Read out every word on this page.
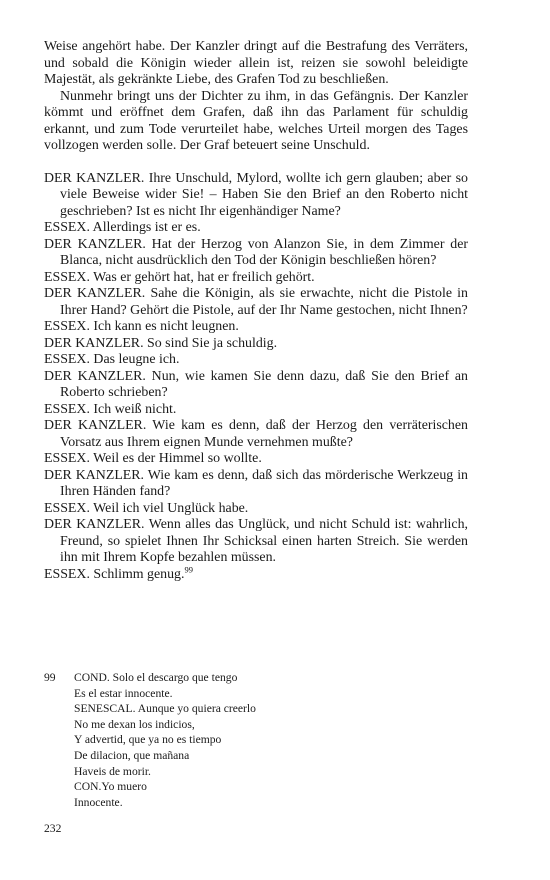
Weise angehört habe. Der Kanzler dringt auf die Bestrafung des Verräters, und sobald die Königin wieder allein ist, reizen sie sowohl beleidigte Majestät, als gekränkte Liebe, des Grafen Tod zu beschließen.

Nunmehr bringt uns der Dichter zu ihm, in das Gefängnis. Der Kanzler kömmt und eröffnet dem Grafen, daß ihn das Parlament für schuldig erkannt, und zum Tode verurteilet habe, welches Urteil morgen des Tages vollzogen werden solle. Der Graf beteuert seine Unschuld.

DER KANZLER. Ihre Unschuld, Mylord, wollte ich gern glauben; aber so viele Beweise wider Sie! – Haben Sie den Brief an den Roberto nicht geschrieben? Ist es nicht Ihr eigenhändiger Name?

ESSEX. Allerdings ist er es.

DER KANZLER. Hat der Herzog von Alanzon Sie, in dem Zimmer der Blanca, nicht ausdrücklich den Tod der Königin beschließen hören?

ESSEX. Was er gehört hat, hat er freilich gehört.

DER KANZLER. Sahe die Königin, als sie erwachte, nicht die Pistole in Ihrer Hand? Gehört die Pistole, auf der Ihr Name gestochen, nicht Ihnen?

ESSEX. Ich kann es nicht leugnen.

DER KANZLER. So sind Sie ja schuldig.

ESSEX. Das leugne ich.

DER KANZLER. Nun, wie kamen Sie denn dazu, daß Sie den Brief an Roberto schrieben?

ESSEX. Ich weiß nicht.

DER KANZLER. Wie kam es denn, daß der Herzog den verräterischen Vorsatz aus Ihrem eignen Munde vernehmen mußte?

ESSEX. Weil es der Himmel so wollte.

DER KANZLER. Wie kam es denn, daß sich das mörderische Werkzeug in Ihren Händen fand?

ESSEX. Weil ich viel Unglück habe.

DER KANZLER. Wenn alles das Unglück, und nicht Schuld ist: wahrlich, Freund, so spielet Ihnen Ihr Schicksal einen harten Streich. Sie werden ihn mit Ihrem Kopfe bezahlen müssen.

ESSEX. Schlimm genug.$^{99}$

99 COND. Solo el descargo que tengo
Es el estar innocente.
SENESCAL. Aunque yo quiera creerlo
No me dexan los indicios,
Y advertid, que ya no es tiempo
De dilacion, que mañana
Haveis de morir.
CON.Yo muero
Innocente.
232
